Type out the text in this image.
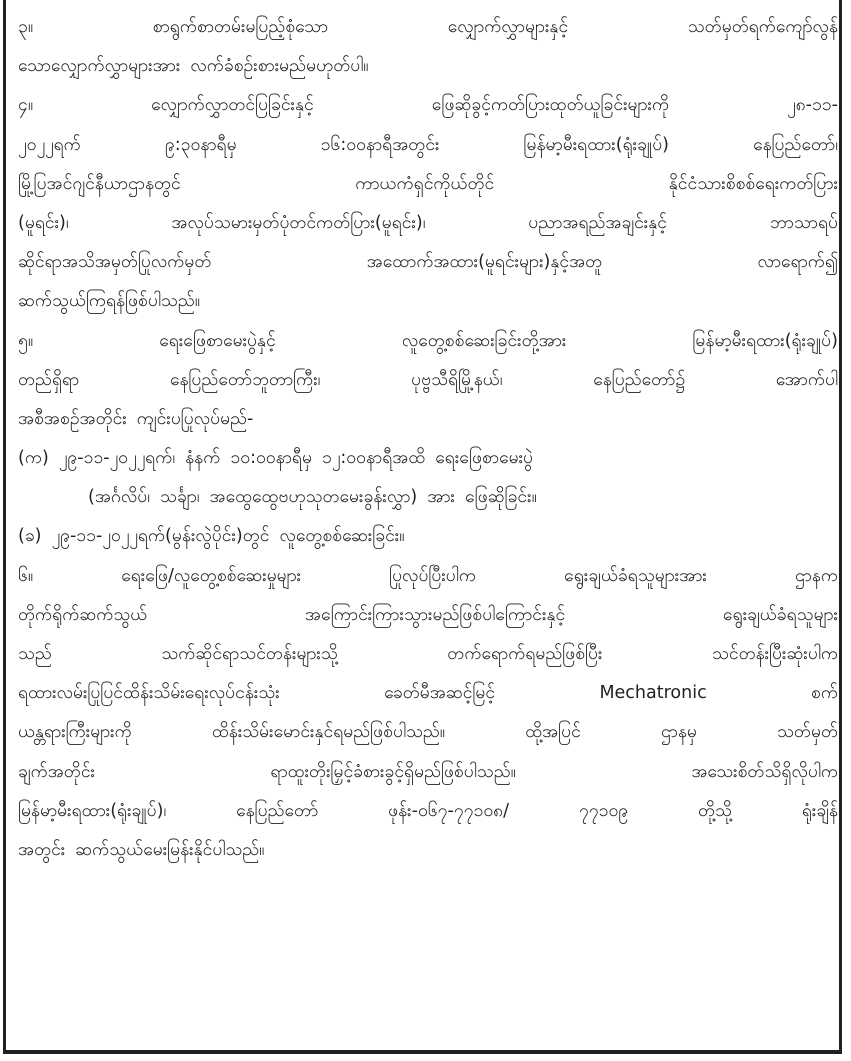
၃။	စာရွက်စာတမ်းမပြည့်စုံသော	လျှောက်လွှာများနှင့်	သတ်မှတ်ရက်ကျော်လွန်
သောလျှောက်လွှာများအား လက်ခံစဉ်းစားမည်မဟုတ်ပါ။
၄။	လျှောက်လွှာတင်ပြခြင်းနှင့်	ဖြေဆိုခွင့်ကတ်ပြားထုတ်ယူခြင်းများကို	၂၈-၁၁-
၂၀၂၂ရက်	၉:၃၀နာရီမှ	၁၆:၀၀နာရီအတွင်း	မြန်မာ့မီးရထား(ရုံးချုပ်)	နေပြည်တော်၊
မြို့ပြအင်ဂျင်နီယာဌာနတွင်	ကာယကံရှင်ကိုယ်တိုင်	နိုင်ငံသားစိစစ်ရေးကတ်ပြား
(မူရင်း)၊	အလုပ်သမားမှတ်ပုံတင်ကတ်ပြား(မူရင်း)၊	ပညာအရည်အချင်းနှင့်	ဘာသာရပ်
ဆိုင်ရာအသိအမှတ်ပြုလက်မှတ်	အထောက်အထား(မူရင်းများ)နှင့်အတူ	လာရောက်၍
ဆက်သွယ်ကြရန်ဖြစ်ပါသည်။
၅။	ရေးဖြေစာမေးပွဲနှင့်	လူတွေ့စစ်ဆေးခြင်းတို့အား	မြန်မာ့မီးရထား(ရုံးချုပ်)
တည်ရှိရာ	နေပြည်တော်ဘူတာကြီး၊	ပုဗ္ဗသီရိမြို့နယ်၊	နေပြည်တော်၌	အောက်ပါ
အစီအစဉ်အတိုင်း ကျင်းပပြုလုပ်မည်-
(က) ၂၉-၁၁-၂၀၂၂ရက်၊ နံနက် ၁၀:၀၀နာရီမှ ၁၂:၀၀နာရီအထိ ရေးဖြေစာမေးပွဲ
(အင်္ဂလိပ်၊ သင်္ချာ၊ အထွေထွေဗဟုသုတမေးခွန်းလွှာ) အား ဖြေဆိုခြင်း။
(ခ) ၂၉-၁၁-၂၀၂၂ရက်(မွန်းလွဲပိုင်း)တွင် လူတွေ့စစ်ဆေးခြင်း။
၆။	ရေးဖြေ/လူတွေ့စစ်ဆေးမှုများ	ပြုလုပ်ပြီးပါက	ရွေးချယ်ခံရသူများအား	ဌာနက
တိုက်ရိုက်ဆက်သွယ်	အကြောင်းကြားသွားမည်ဖြစ်ပါကြောင်းနှင့်	ရွေးချယ်ခံရသူများ
သည်	သက်ဆိုင်ရာသင်တန်းများသို့	တက်ရောက်ရမည်ဖြစ်ပြီး	သင်တန်းပြီးဆုံးပါက
ရထားလမ်းပြုပြင်ထိန်းသိမ်းရေးလုပ်ငန်းသုံး	ခေတ်မီအဆင့်မြင့်	Mechatronic	စက်
ယန္တရားကြီးများကို	ထိန်းသိမ်းမောင်းနှင်ရမည်ဖြစ်ပါသည်။	ထို့အပြင်	ဌာနမှ	သတ်မှတ်
ချက်အတိုင်း	ရာထူးတိုးမြှင့်ခံစားခွင့်ရှိမည်ဖြစ်ပါသည်။	အသေးစိတ်သိရှိလိုပါက
မြန်မာ့မီးရထား(ရုံးချုပ်)၊	နေပြည်တော်	ဖုန်း-၀၆၇-၇၇၁၀၈/	၇၇၁၀၉	တို့သို့	ရုံးချိန်
အတွင်း ဆက်သွယ်မေးမြန်းနိုင်ပါသည်။
